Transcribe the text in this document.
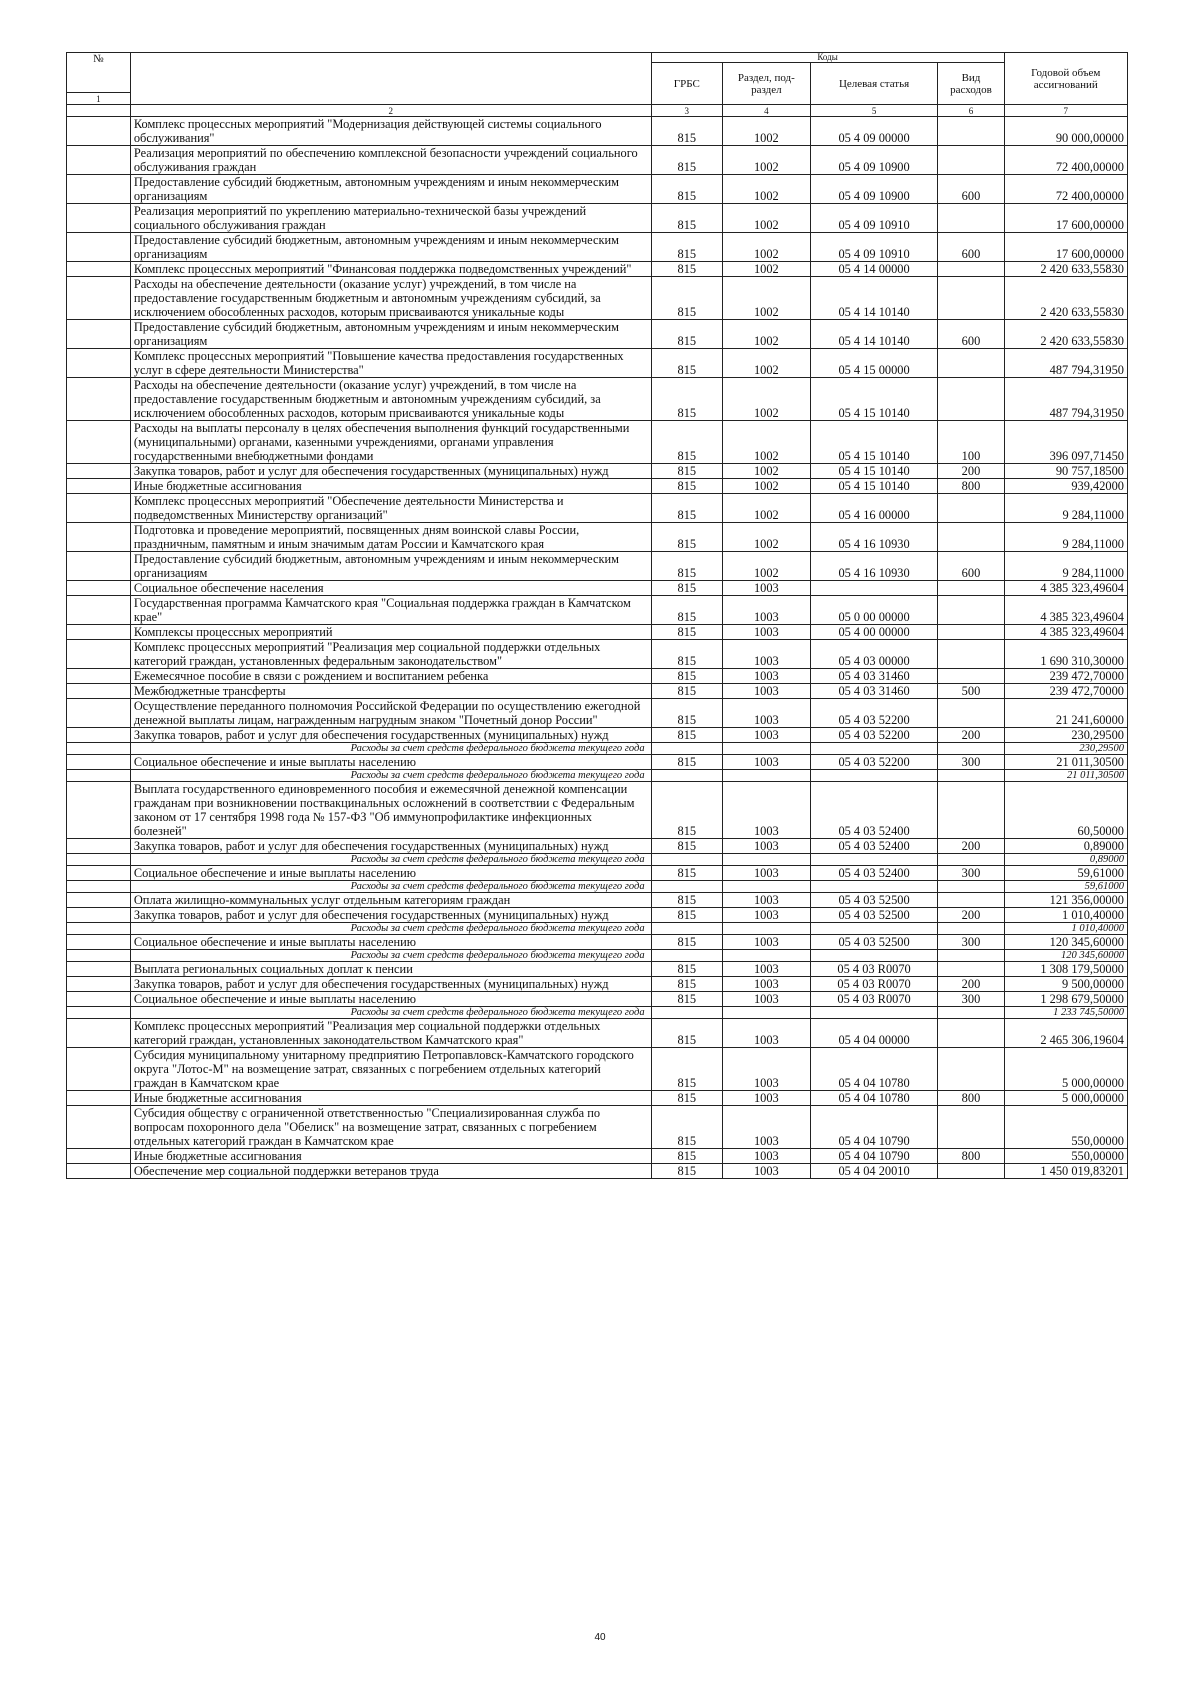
№		Коды				Годовой объем ассигнований
		ГРБС	Раздел, под-раздел	Целевая статья	Вид расходов	
1						
	2	3	4	5	6	7
	Комплекс процессных мероприятий "Модернизация действующей системы социального обслуживания"	815	1002	05 4 09 00000		90 000,00000
	Реализация мероприятий по обеспечению комплексной безопасности учреждений социального обслуживания граждан	815	1002	05 4 09 10900		72 400,00000
	Предоставление субсидий бюджетным, автономным учреждениям и иным некоммерческим организациям	815	1002	05 4 09 10900	600	72 400,00000
	Реализация мероприятий по укреплению материально-технической базы учреждений социального обслуживания граждан	815	1002	05 4 09 10910		17 600,00000
	Предоставление субсидий бюджетным, автономным учреждениям и иным некоммерческим организациям	815	1002	05 4 09 10910	600	17 600,00000
	Комплекс процессных мероприятий "Финансовая поддержка подведомственных учреждений"	815	1002	05 4 14 00000		2 420 633,55830
	Расходы на обеспечение деятельности (оказание услуг) учреждений, в том числе на предоставление государственным бюджетным и автономным учреждениям субсидий, за исключением обособленных расходов, которым присваиваются уникальные коды	815	1002	05 4 14 10140		2 420 633,55830
	Предоставление субсидий бюджетным, автономным учреждениям и иным некоммерческим организациям	815	1002	05 4 14 10140	600	2 420 633,55830
	Комплекс процессных мероприятий "Повышение качества предоставления государственных услуг в сфере деятельности Министерства"	815	1002	05 4 15 00000		487 794,31950
	Расходы на обеспечение деятельности (оказание услуг) учреждений, в том числе на предоставление государственным бюджетным и автономным учреждениям субсидий, за исключением обособленных расходов, которым присваиваются уникальные коды	815	1002	05 4 15 10140		487 794,31950
	Расходы на выплаты персоналу в целях обеспечения выполнения функций государственными (муниципальными) органами, казенными учреждениями, органами управления государственными внебюджетными фондами	815	1002	05 4 15 10140	100	396 097,71450
	Закупка товаров, работ и услуг для обеспечения государственных (муниципальных) нужд	815	1002	05 4 15 10140	200	90 757,18500
	Иные бюджетные ассигнования	815	1002	05 4 15 10140	800	939,42000
	Комплекс процессных мероприятий "Обеспечение деятельности Министерства и подведомственных Министерству организаций"	815	1002	05 4 16 00000		9 284,11000
	Подготовка и проведение мероприятий, посвященных дням воинской славы России, праздничным, памятным и иным значимым датам России и Камчатского края	815	1002	05 4 16 10930		9 284,11000
	Предоставление субсидий бюджетным, автономным учреждениям и иным некоммерческим организациям	815	1002	05 4 16 10930	600	9 284,11000
	Социальное обеспечение населения	815	1003			4 385 323,49604
	Государственная программа Камчатского края "Социальная поддержка граждан в Камчатском крае"	815	1003	05 0 00 00000		4 385 323,49604
	Комплексы процессных мероприятий	815	1003	05 4 00 00000		4 385 323,49604
	Комплекс процессных мероприятий "Реализация мер социальной поддержки отдельных категорий граждан, установленных федеральным законодательством"	815	1003	05 4 03 00000		1 690 310,30000
	Ежемесячное пособие в связи с рождением и воспитанием ребенка	815	1003	05 4 03 31460		239 472,70000
	Межбюджетные трансферты	815	1003	05 4 03 31460	500	239 472,70000
	Осуществление переданного полномочия Российской Федерации по осуществлению ежегодной денежной выплаты лицам, награжденным нагрудным знаком "Почетный донор России"	815	1003	05 4 03 52200		21 241,60000
	Закупка товаров, работ и услуг для обеспечения государственных (муниципальных) нужд	815	1003	05 4 03 52200	200	230,29500
	Расходы за счет средств федерального бюджета текущего года					230,29500
	Социальное обеспечение и иные выплаты населению	815	1003	05 4 03 52200	300	21 011,30500
	Расходы за счет средств федерального бюджета текущего года					21 011,30500
	Выплата государственного единовременного пособия и ежемесячной денежной компенсации гражданам при возникновении поствакцинальных осложнений в соответствии с Федеральным законом от 17 сентября 1998 года № 157-ФЗ "Об иммунопрофилактике инфекционных болезней"	815	1003	05 4 03 52400		60,50000
	Закупка товаров, работ и услуг для обеспечения государственных (муниципальных) нужд	815	1003	05 4 03 52400	200	0,89000
	Расходы за счет средств федерального бюджета текущего года					0,89000
	Социальное обеспечение и иные выплаты населению	815	1003	05 4 03 52400	300	59,61000
	Расходы за счет средств федерального бюджета текущего года					59,61000
	Оплата жилищно-коммунальных услуг отдельным категориям граждан	815	1003	05 4 03 52500		121 356,00000
	Закупка товаров, работ и услуг для обеспечения государственных (муниципальных) нужд	815	1003	05 4 03 52500	200	1 010,40000
	Расходы за счет средств федерального бюджета текущего года					1 010,40000
	Социальное обеспечение и иные выплаты населению	815	1003	05 4 03 52500	300	120 345,60000
	Расходы за счет средств федерального бюджета текущего года					120 345,60000
	Выплата региональных социальных доплат к пенсии	815	1003	05 4 03 R0070		1 308 179,50000
	Закупка товаров, работ и услуг для обеспечения государственных (муниципальных) нужд	815	1003	05 4 03 R0070	200	9 500,00000
	Социальное обеспечение и иные выплаты населению	815	1003	05 4 03 R0070	300	1 298 679,50000
	Расходы за счет средств федерального бюджета текущего года					1 233 745,50000
	Комплекс процессных мероприятий "Реализация мер социальной поддержки отдельных категорий граждан, установленных законодательством Камчатского края"	815	1003	05 4 04 00000		2 465 306,19604
	Субсидия муниципальному унитарному предприятию Петропавловск-Камчатского городского округа "Лотос-М" на возмещение затрат, связанных с погребением отдельных категорий граждан в Камчатском крае	815	1003	05 4 04 10780		5 000,00000
	Иные бюджетные ассигнования	815	1003	05 4 04 10780	800	5 000,00000
	Субсидия обществу с ограниченной ответственностью "Специализированная служба по вопросам похоронного дела "Обелиск" на возмещение затрат, связанных с погребением отдельных категорий граждан в Камчатском крае	815	1003	05 4 04 10790		550,00000
	Иные бюджетные ассигнования	815	1003	05 4 04 10790	800	550,00000
	Обеспечение мер социальной поддержки ветеранов труда	815	1003	05 4 04 20010		1 450 019,83201
40
